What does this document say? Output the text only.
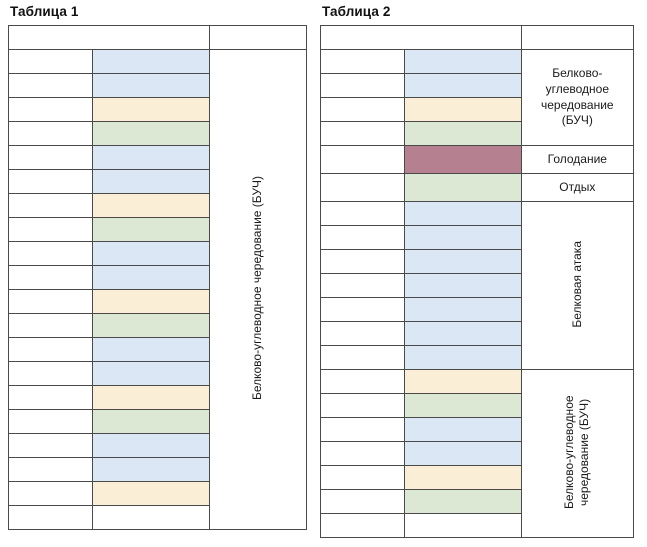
Таблица 1

		Белково-углеводное чередование (БУЧ)

Таблица 2

		Белково-углеводное чередование (БУЧ)

		Голодание
		Отдых
		Белковая атака

		Белково-углеводное чередование (БУЧ)
